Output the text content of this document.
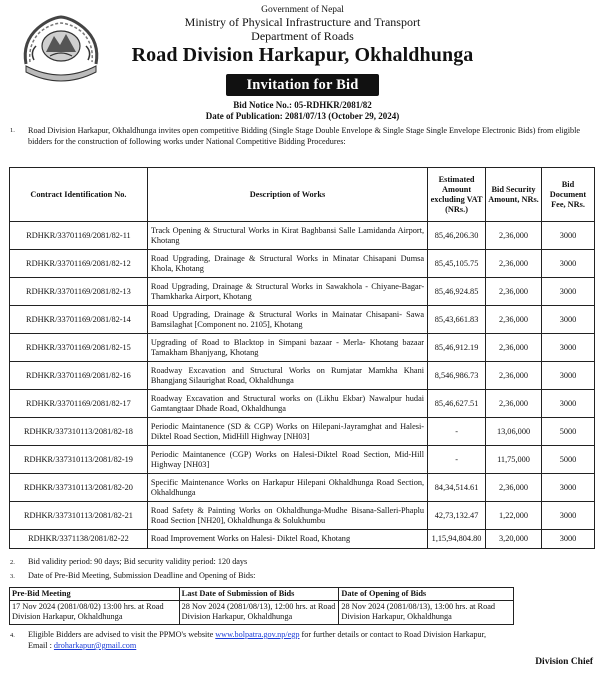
Government of Nepal
Ministry of Physical Infrastructure and Transport
Department of Roads
Road Division Harkapur, Okhaldhunga
Invitation for Bid
Bid Notice No.: 05-RDHKR/2081/82
Date of Publication: 2081/07/13 (October 29, 2024)
1.	Road Division Harkapur, Okhaldhunga invites open competitive Bidding (Single Stage Double Envelope & Single Stage Single Envelope Electronic Bids) from eligible bidders for the construction of following works under National Competitive Bidding Procedures:
Contract Identification No.	Description of Works	Estimated Amount excluding VAT (NRs.)	Bid Security Amount, NRs.	Bid Document Fee, NRs.
RDHKR/33701169/2081/82-11	Track Opening & Structural Works in Kirat Baghbansi Salle Lamidanda Airport, Khotang	85,46,206.30	2,36,000	3000
RDHKR/33701169/2081/82-12	Road Upgrading, Drainage & Structural Works in Minatar Chisapani Dumsa Khola, Khotang	85,45,105.75	2,36,000	3000
RDHKR/33701169/2081/82-13	Road Upgrading, Drainage & Structural Works in Sawakhola - Chiyane-Bagar- Thamkharka Airport, Khotang	85,46,924.85	2,36,000	3000
RDHKR/33701169/2081/82-14	Road Upgrading, Drainage & Structural Works in Mainatar Chisapani- Sawa Bamsilaghat [Component no. 2105], Khotang	85,43,661.83	2,36,000	3000
RDHKR/33701169/2081/82-15	Upgrading of Road to Blacktop in Simpani bazaar - Merla- Khotang bazaar Tamakham Bhanjyang, Khotang	85,46,912.19	2,36,000	3000
RDHKR/33701169/2081/82-16	Roadway Excavation and Structural Works on Rumjatar Mamkha Khani Bhangjang Silaurighat Road, Okhaldhunga	8,546,986.73	2,36,000	3000
RDHKR/33701169/2081/82-17	Roadway Excavation and Structural works on (Likhu Ekbar) Nawalpur hudai Gamtangtaar Dhade Road, Okhaldhunga	85,46,627.51	2,36,000	3000
RDHKR/337310113/2081/82-18	Periodic Maintanence (SD & CGP) Works on Hilepani-Jayramghat and Halesi-Diktel Road Section, MidHill Highway [NH03]	-	13,06,000	5000
RDHKR/337310113/2081/82-19	Periodic Maintanence (CGP) Works on Halesi-Diktel Road Section, Mid-Hill Highway [NH03]	-	11,75,000	5000
RDHKR/337310113/2081/82-20	Specific Maintenance Works on Harkapur Hilepani Okhaldhunga Road Section, Okhaldhunga	84,34,514.61	2,36,000	3000
RDHKR/337310113/2081/82-21	Road Safety & Painting Works on Okhaldhunga-Mudhe Bisana-Salleri-Phaplu Road Section [NH20], Okhaldhunga & Solukhumbu	42,73,132.47	1,22,000	3000
RDHKR/3371138/2081/82-22	Road Improvement Works on Halesi- Diktel Road, Khotang	1,15,94,804.80	3,20,000	3000
2. Bid validity period: 90 days; Bid security validity period: 120 days
3. Date of Pre-Bid Meeting, Submission Deadline and Opening of Bids:
Pre-Bid Meeting	Last Date of Submission of Bids	Date of Opening of Bids
17 Nov 2024 (2081/08/02) 13:00 hrs. at Road Division Harkapur, Okhaldhunga	28 Nov 2024 (2081/08/13), 12:00 hrs. at Road Division Harkapur, Okhaldhunga	28 Nov 2024 (2081/08/13), 13:00 hrs. at Road Division Harkapur, Okhaldhunga
4. Eligible Bidders are advised to visit the PPMO's website www.bolpatra.gov.np/egp for further details or contact to Road Division Harkapur,
Email : droharkapur@gmail.com
Division Chief
